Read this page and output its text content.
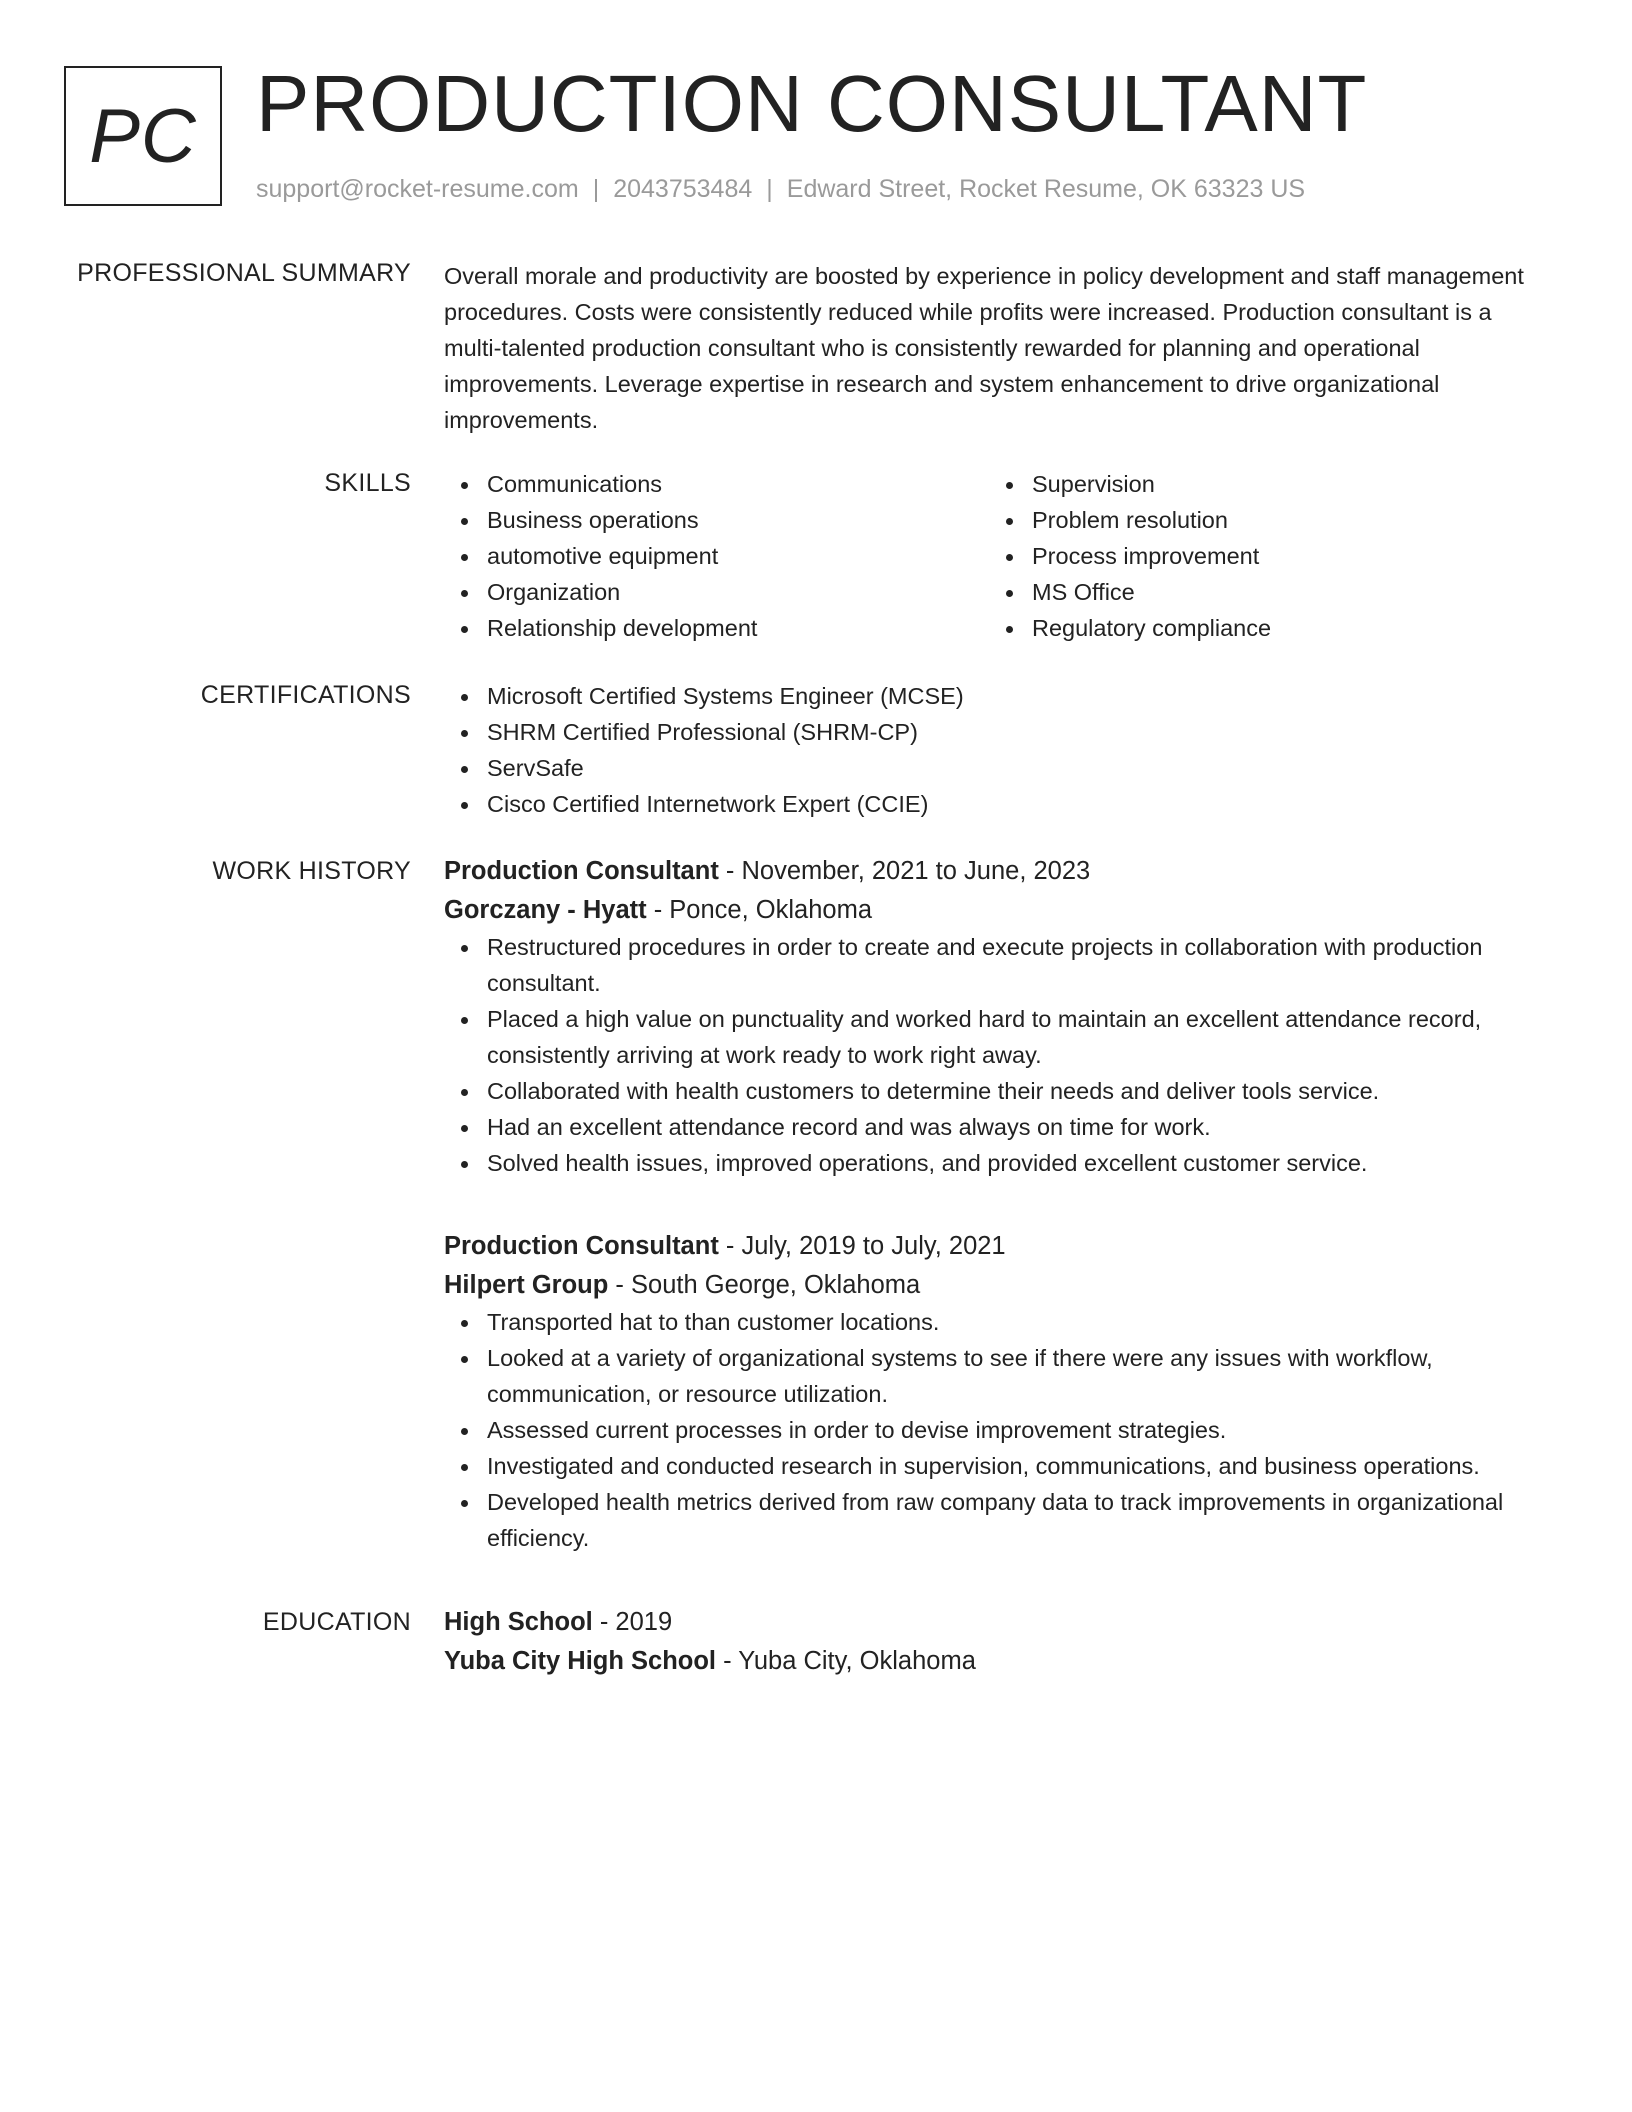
PC PRODUCTION CONSULTANT
support@rocket-resume.com | 2043753484 | Edward Street, Rocket Resume, OK 63323 US
PROFESSIONAL SUMMARY Overall morale and productivity are boosted by experience in policy development and staff management procedures. Costs were consistently reduced while profits were increased. Production consultant is a multi-talented production consultant who is consistently rewarded for planning and operational improvements. Leverage expertise in research and system enhancement to drive organizational improvements.
SKILLS	Communications
Business operations
automotive equipment
Organization
Relationship development
Supervision
Problem resolution
Process improvement
MS Office
Regulatory compliance
CERTIFICATIONS	Microsoft Certified Systems Engineer (MCSE)
SHRM Certified Professional (SHRM-CP)
ServSafe
Cisco Certified Internetwork Expert (CCIE)
WORK HISTORY Production Consultant - November, 2021 to June, 2023
Gorczany - Hyatt - Ponce, Oklahoma
Restructured procedures in order to create and execute projects in collaboration with production consultant.
Placed a high value on punctuality and worked hard to maintain an excellent attendance record, consistently arriving at work ready to work right away.
Collaborated with health customers to determine their needs and deliver tools service.
Had an excellent attendance record and was always on time for work.
Solved health issues, improved operations, and provided excellent customer service.
Production Consultant - July, 2019 to July, 2021
Hilpert Group - South George, Oklahoma
Transported hat to than customer locations.
Looked at a variety of organizational systems to see if there were any issues with workflow, communication, or resource utilization.
Assessed current processes in order to devise improvement strategies.
Investigated and conducted research in supervision, communications, and business operations.
Developed health metrics derived from raw company data to track improvements in organizational efficiency.
EDUCATION High School - 2019
Yuba City High School - Yuba City, Oklahoma
